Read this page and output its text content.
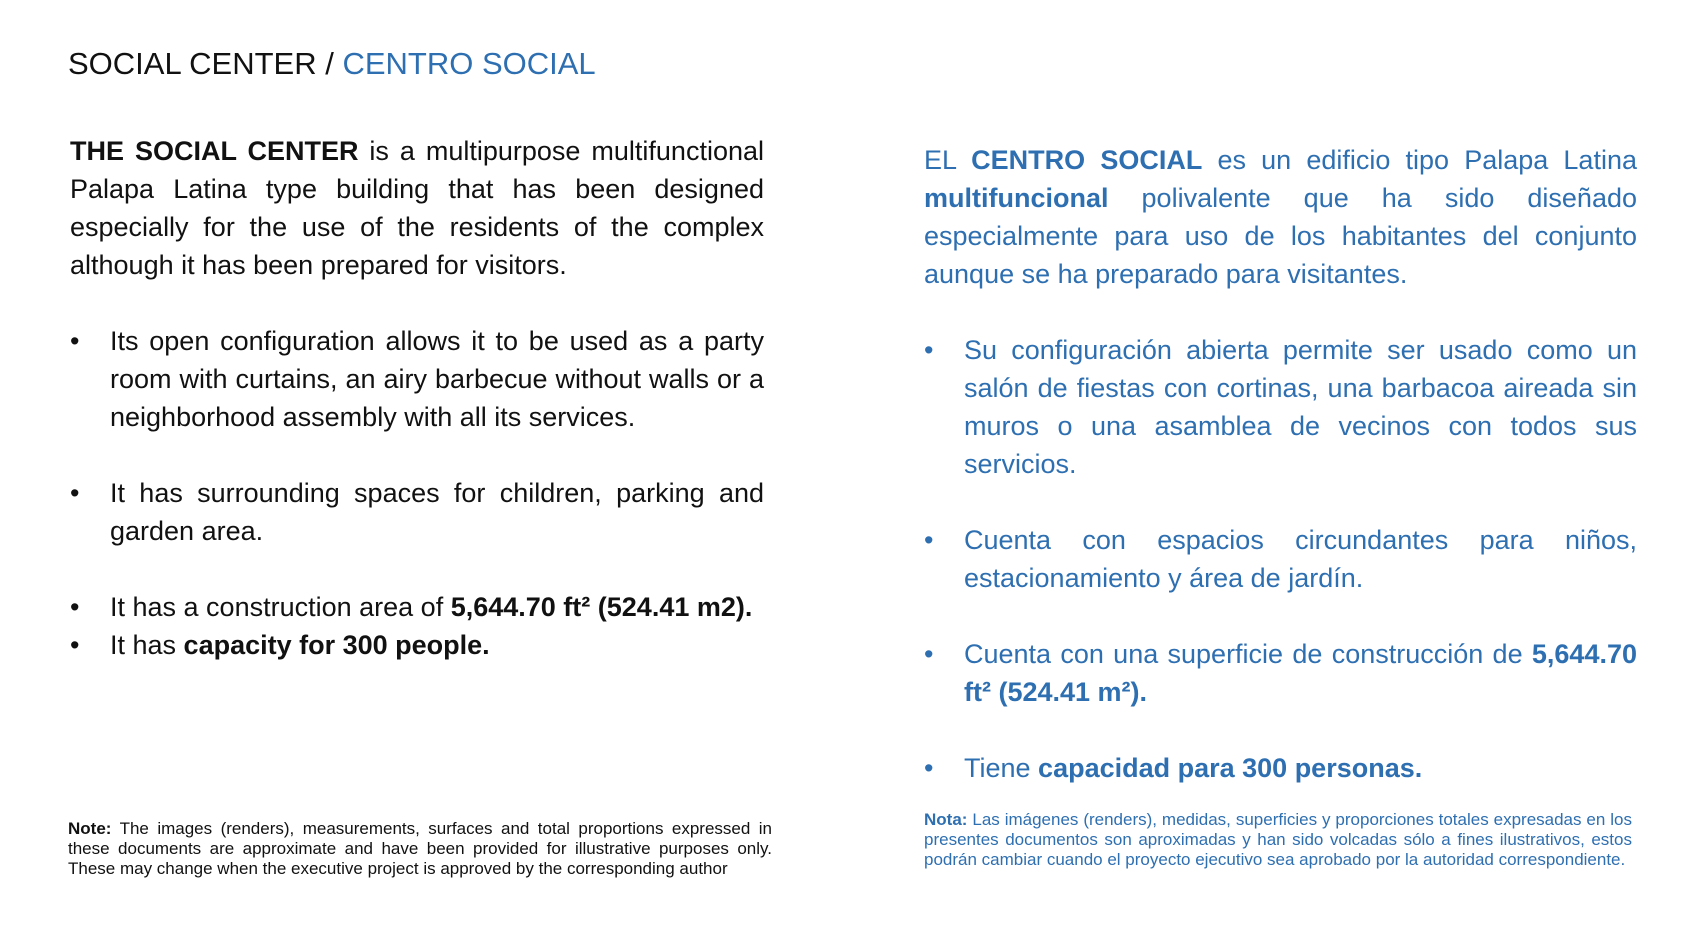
SOCIAL CENTER / CENTRO SOCIAL

THE SOCIAL CENTER is a multipurpose multifunctional Palapa Latina type building that has been designed especially for the use of the residents of the complex although it has been prepared for visitors.

• Its open configuration allows it to be used as a party room with curtains, an airy barbecue without walls or a neighborhood assembly with all its services.
• It has surrounding spaces for children, parking and garden area.
• It has a construction area of 5,644.70 ft² (524.41 m2).
• It has capacity for 300 people.

EL CENTRO SOCIAL es un edificio tipo Palapa Latina multifuncional polivalente que ha sido diseñado especialmente para uso de los habitantes del conjunto aunque se ha preparado para visitantes.

• Su configuración abierta permite ser usado como un salón de fiestas con cortinas, una barbacoa aireada sin muros o una asamblea de vecinos con todos sus servicios.
• Cuenta con espacios circundantes para niños, estacionamiento y área de jardín.
• Cuenta con una superficie de construcción de 5,644.70 ft² (524.41 m²).
• Tiene capacidad para 300 personas.
Note: The images (renders), measurements, surfaces and total proportions expressed in these documents are approximate and have been provided for illustrative purposes only. These may change when the executive project is approved by the corresponding author
Nota: Las imágenes (renders), medidas, superficies y proporciones totales expresadas en los presentes documentos son aproximadas y han sido volcadas sólo a fines ilustrativos, estos podrán cambiar cuando el proyecto ejecutivo sea aprobado por la autoridad correspondiente.
